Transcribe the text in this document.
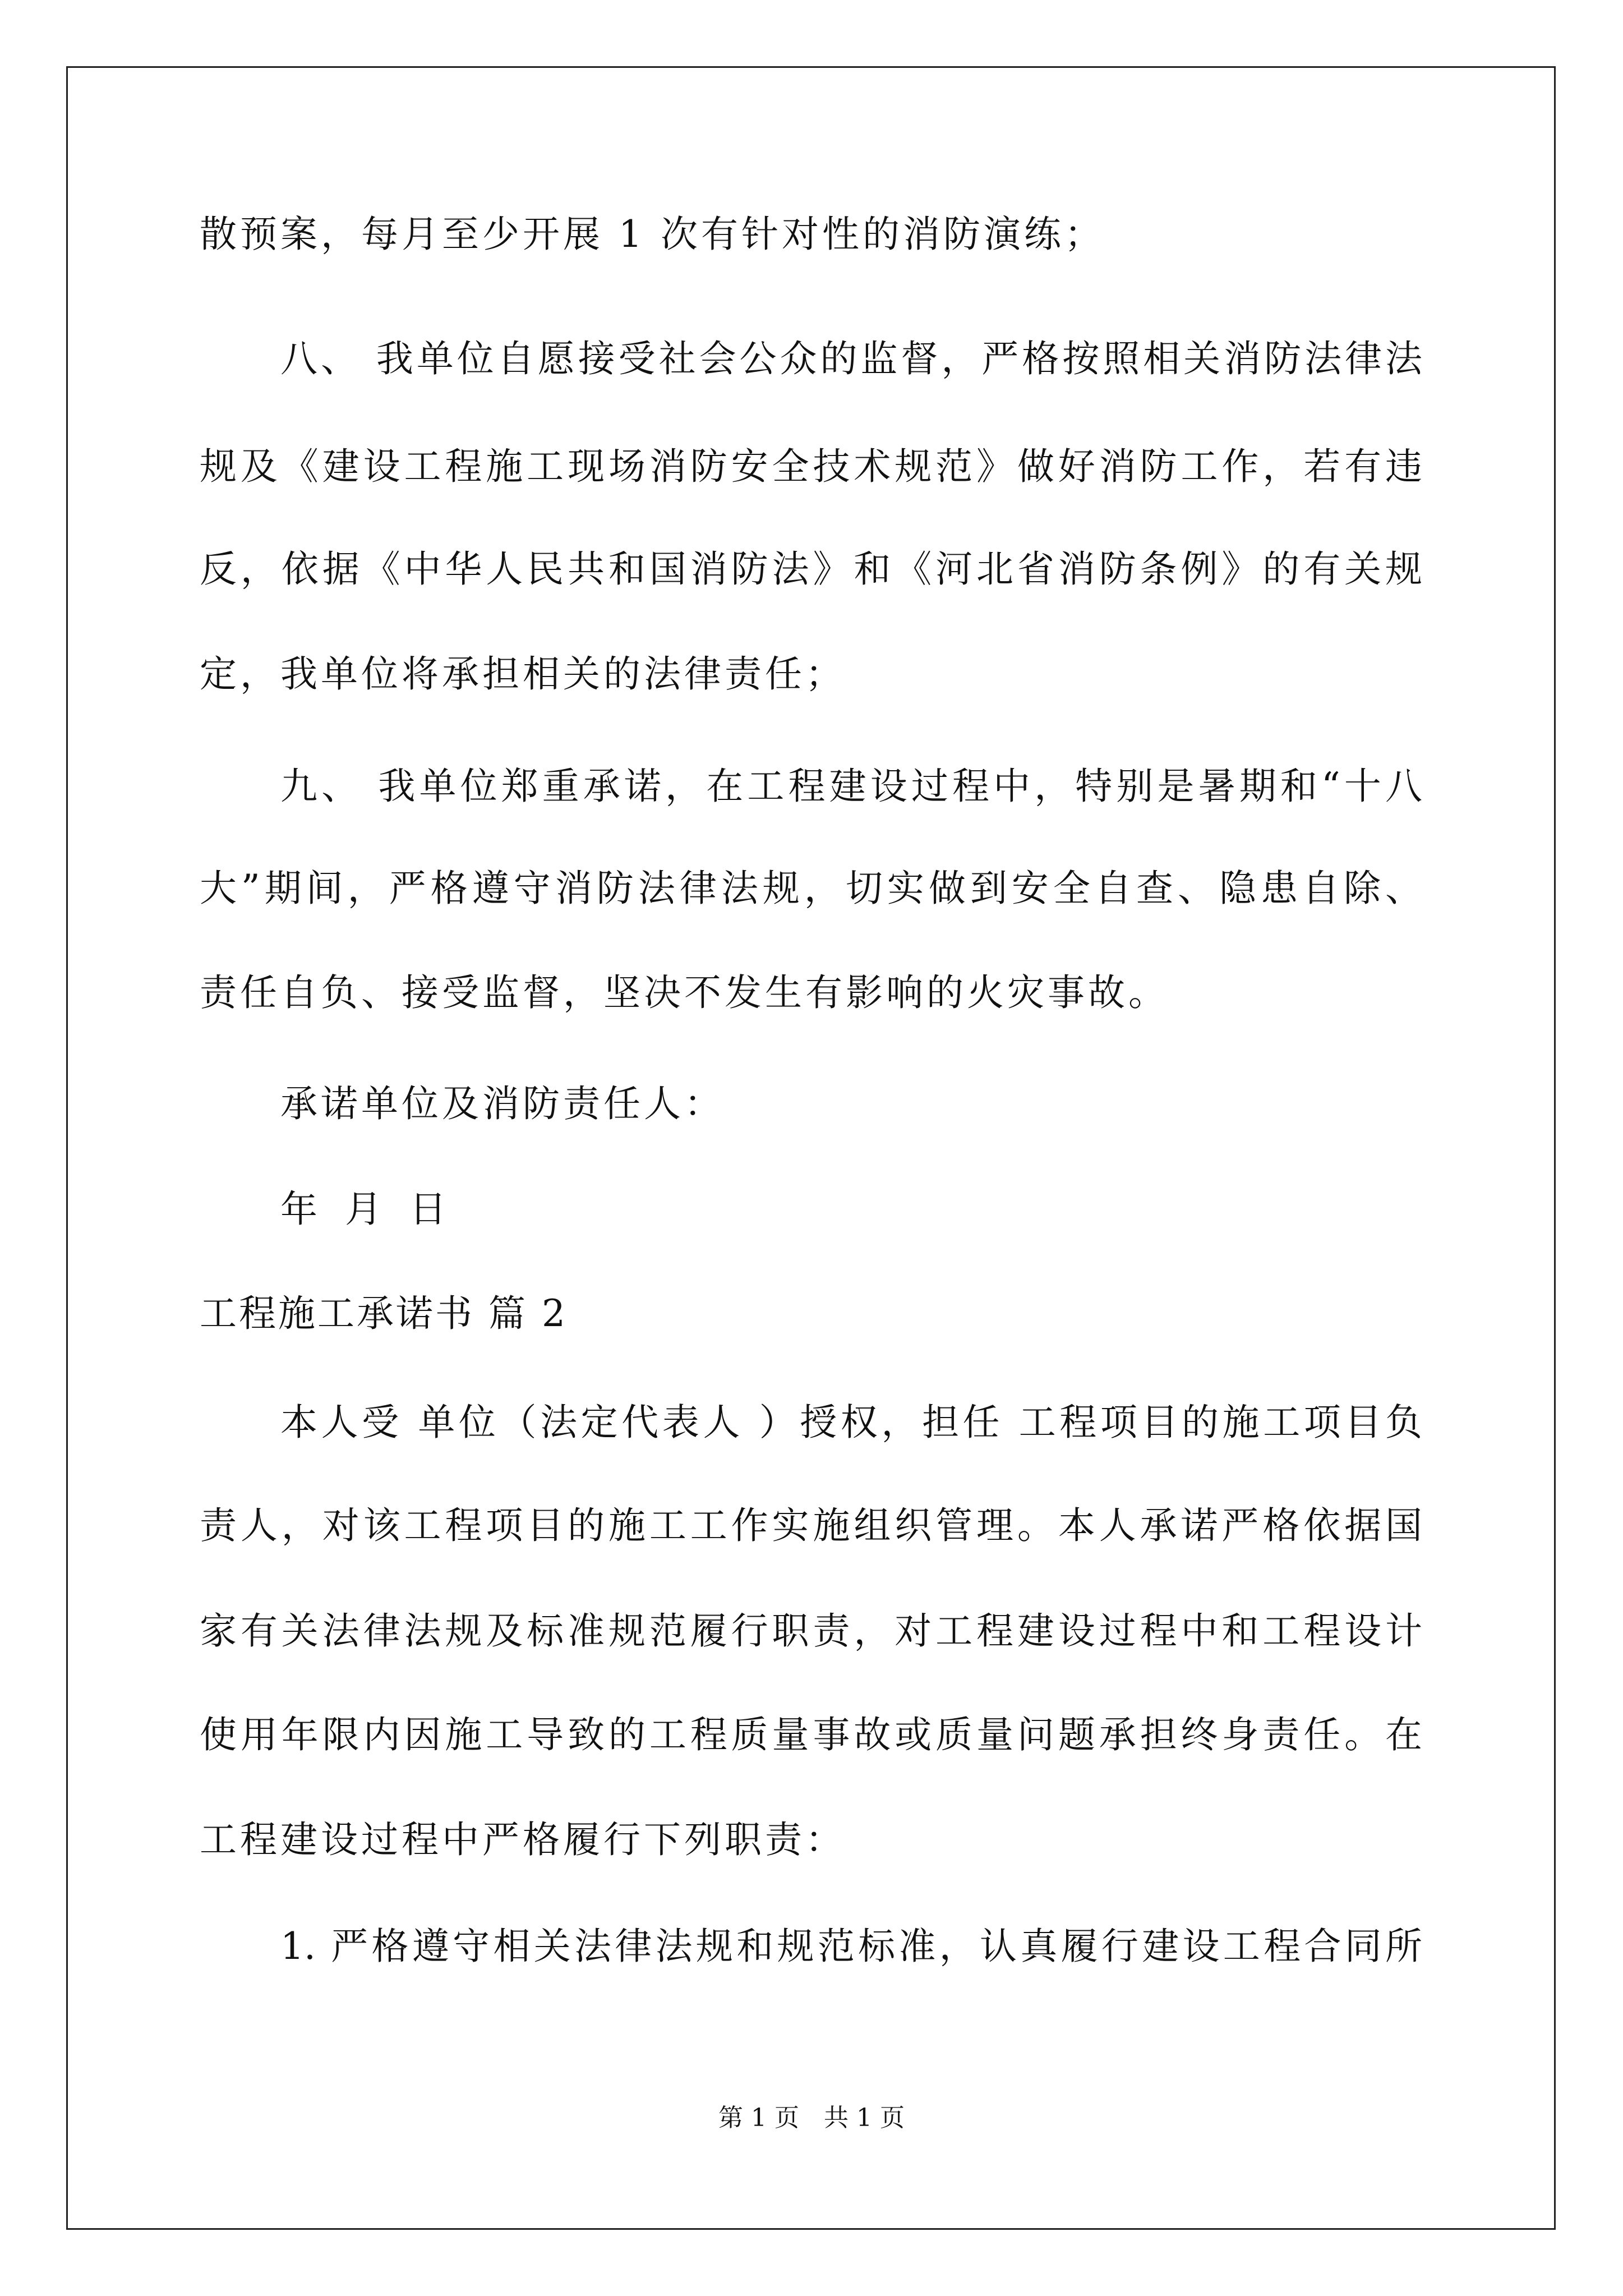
散预案，每月至少开展 1 次有针对性的消防演练；
八、 我单位自愿接受社会公众的监督，严格按照相关消防法律法
规及《建设工程施工现场消防安全技术规范》做好消防工作，若有违
反，依据《中华人民共和国消防法》和《河北省消防条例》的有关规
定，我单位将承担相关的法律责任；
九、 我单位郑重承诺，在工程建设过程中，特别是暑期和“十八
大”期间，严格遵守消防法律法规，切实做到安全自查、隐患自除、
责任自负、接受监督，坚决不发生有影响的火灾事故。
承诺单位及消防责任人：
年 月 日
工程施工承诺书 篇 2
本人受 单位（法定代表人 ）授权，担任 工程项目的施工项目负
责人，对该工程项目的施工工作实施组织管理。本人承诺严格依据国
家有关法律法规及标准规范履行职责，对工程建设过程中和工程设计
使用年限内因施工导致的工程质量事故或质量问题承担终身责任。在
工程建设过程中严格履行下列职责：
1. 严格遵守相关法律法规和规范标准，认真履行建设工程合同所
第 1 页　共 1 页
